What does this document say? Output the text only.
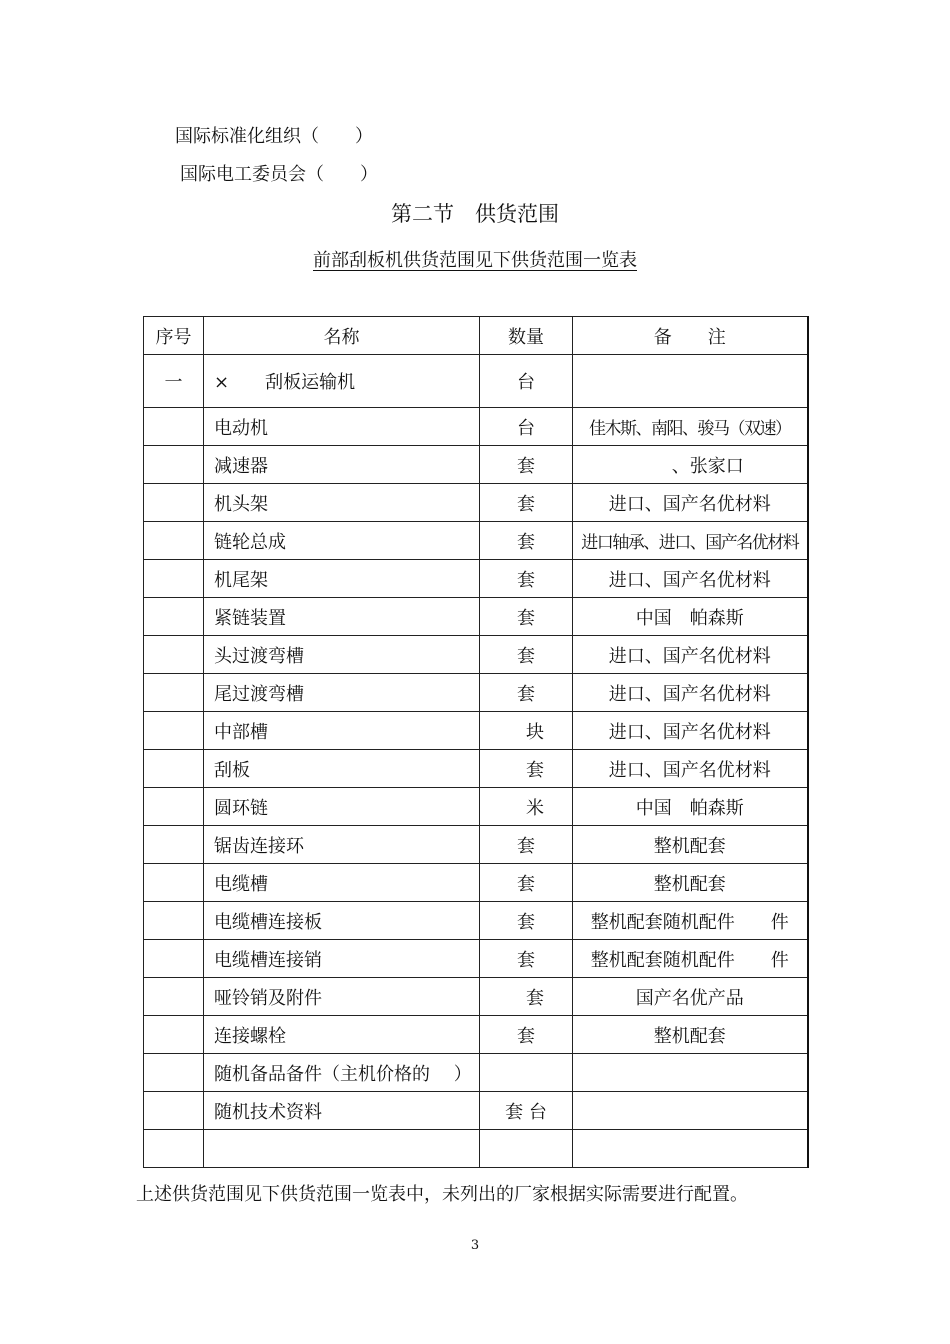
国际标准化组织（　　）
国际电工委员会（　　）
第二节　供货范围
前部刮板机供货范围见下供货范围一览表
序号	名称	数量	备　　注
一	×　　刮板运输机	台	
	电动机	台	佳木斯、南阳、骏马（双速）
	减速器	套	　　、张家口
	机头架	套	进口、国产名优材料
	链轮总成	套	进口轴承、进口、国产名优材料
	机尾架	套	进口、国产名优材料
	紧链装置	套	中国　帕森斯
	头过渡弯槽	套	进口、国产名优材料
	尾过渡弯槽	套	进口、国产名优材料
	中部槽	　块	进口、国产名优材料
	刮板	　套	进口、国产名优材料
	圆环链	　米	中国　帕森斯
	锯齿连接环	套	整机配套
	电缆槽	套	整机配套
	电缆槽连接板	套	整机配套随机配件　　件
	电缆槽连接销	套	整机配套随机配件　　件
	哑铃销及附件	　套	国产名优产品
	连接螺栓	套	整机配套
	随机备品备件（主机价格的　 ）		
	随机技术资料	套 台	

上述供货范围见下供货范围一览表中，未列出的厂家根据实际需要进行配置。
3
